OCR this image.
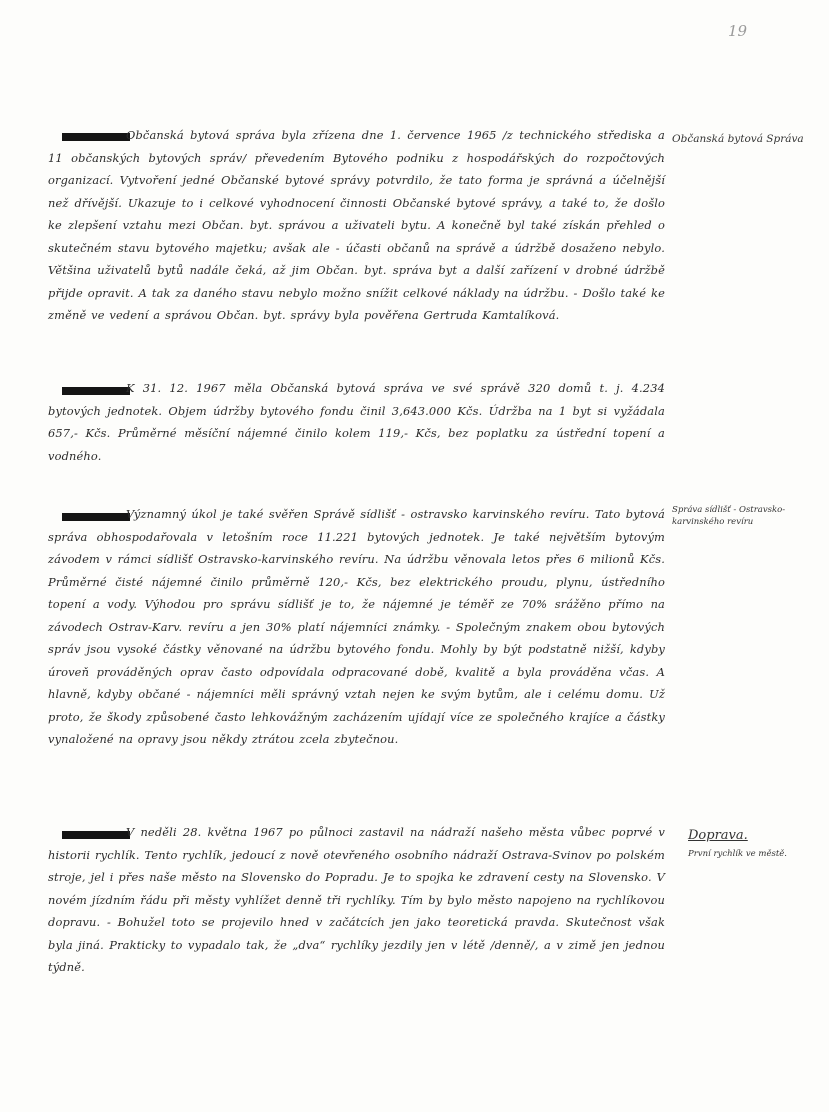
19
Občanská bytová správa byla zřízena dne 1. července 1965 /z technického střediska a 11 občanských bytových správ/ převedením Bytového podniku z hospodářských do rozpočtových organizací. Vytvoření jedné Občanské bytové správy potvrdilo, že tato forma je správná a účelnější než dřívější. Ukazuje to i celkové vyhodnocení činnosti Občanské bytové správy, a také to, že došlo ke zlepšení vztahu mezi Občan. byt. správou a uživateli bytu. A konečně byl také získán přehled o skutečném stavu bytového majetku; avšak ale - účasti občanů na správě a údržbě dosaženo nebylo. Většina uživatelů bytů nadále čeká, až jim Občan. byt. správa byt a další zařízení v drobné údržbě přijde opravit. A tak za daného stavu nebylo možno snížit celkové náklady na údržbu. - Došlo také ke změně ve vedení a správou Občan. byt. správy byla pověřena Gertruda Kamtalíková.
Občanská bytová Správa
K 31. 12. 1967 měla Občanská bytová správa ve své správě 320 domů t. j. 4.234 bytových jednotek. Objem údržby bytového fondu činil 3,643.000 Kčs. Údržba na 1 byt si vyžádala 657,- Kčs. Průměrné měsíční nájemné činilo kolem 119,- Kčs, bez poplatku za ústřední topení a vodného.
Významný úkol je také svěřen Správě sídlišť - ostravsko karvinského revíru. Tato bytová správa obhospodařovala v letošním roce 11.221 bytových jednotek. Je také největším bytovým závodem v rámci sídlišť Ostravsko-karvinského revíru. Na údržbu věnovala letos přes 6 milionů Kčs. Průměrné čisté nájemné činilo průměrně 120,- Kčs, bez elektrického proudu, plynu, ústředního topení a vody. Výhodou pro správu sídlišť je to, že nájemné je téměř ze 70% srážěno přímo na závodech Ostrav-Karv. revíru a jen 30% platí nájemníci známky. - Společným znakem obou bytových správ jsou vysoké částky věnované na údržbu bytového fondu. Mohly by být podstatně nižší, kdyby úroveň prováděných oprav často odpovídala odpracované době, kvalitě a byla prováděna včas. A hlavně, kdyby občané - nájemníci měli správný vztah nejen ke svým bytům, ale i celému domu. Už proto, že škody způsobené často lehkovážným zacházením ujídají více ze společného krajíce a částky vynaložené na opravy jsou někdy ztrátou zcela zbytečnou.
Správa sídlišť - Ostravsko-karvinského revíru
V neděli 28. května 1967 po půlnoci zastavil na nádraží našeho města vůbec poprvé v historii rychlík. Tento rychlík, jedoucí z nově otevřeného osobního nádraží Ostrava-Svinov po polském stroje, jel i přes naše město na Slovensko do Popradu. Je to spojka ke zdravení cesty na Slovensko. V novém jízdním řádu při městy vyhlížet denně tři rychlíky. Tím by bylo město napojeno na rychlíkovou dopravu. - Bohužel toto se projevilo hned v začátcích jen jako teoretická pravda. Skutečnost však byla jiná. Prakticky to vypadalo tak, že „dva“ rychlíky jezdily jen v létě /denně/, a v zimě jen jednou týdně.
Doprava.
První rychlík ve městě.
